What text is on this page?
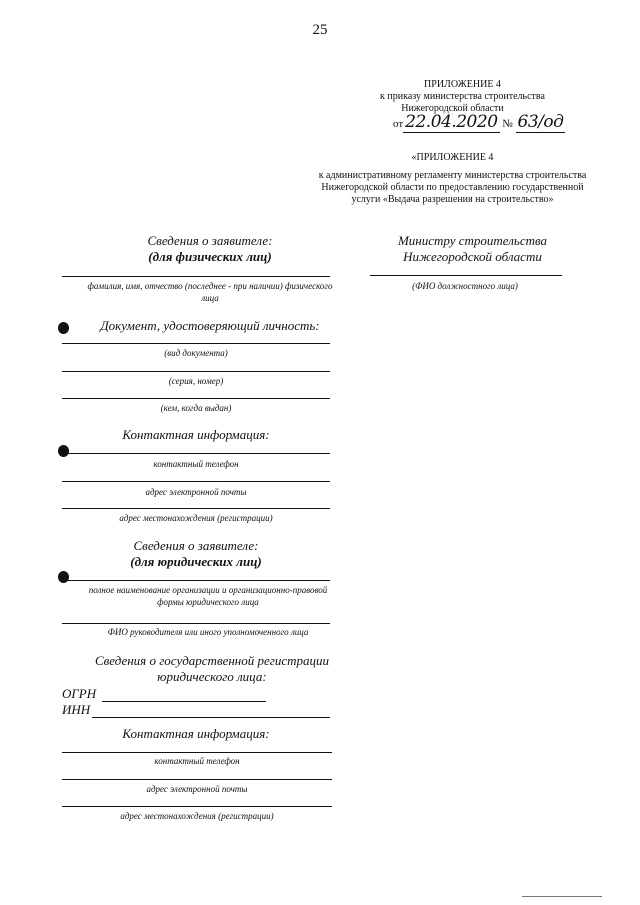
25
ПРИЛОЖЕНИЕ 4
к приказу министерства строительства
Нижегородской области
от 22.04.2020 № 63/од
«ПРИЛОЖЕНИЕ 4
к административному регламенту министерства строительства
Нижегородской области по предоставлению государственной
услуги «Выдача разрешения на строительство»
Сведения о заявителе:
(для физических лиц)
фамилия, имя, отчество (последнее - при наличии) физического
лица
Министру строительства
Нижегородской области
(ФИО должностного лица)
Документ, удостоверяющий личность:
(вид документа)
(серия, номер)
(кем, когда выдан)
Контактная информация:
контактный телефон
адрес электронной почты
адрес местонахождения (регистрации)
Сведения о заявителе:
(для юридических лиц)
полное наименование организации и организационно-правовой
формы юридического лица
ФИО руководителя или иного уполномоченного лица
Сведения о государственной регистрации
юридического лица:
ОГРН
ИНН
Контактная информация:
контактный телефон
адрес электронной почты
адрес местонахождения (регистрации)
